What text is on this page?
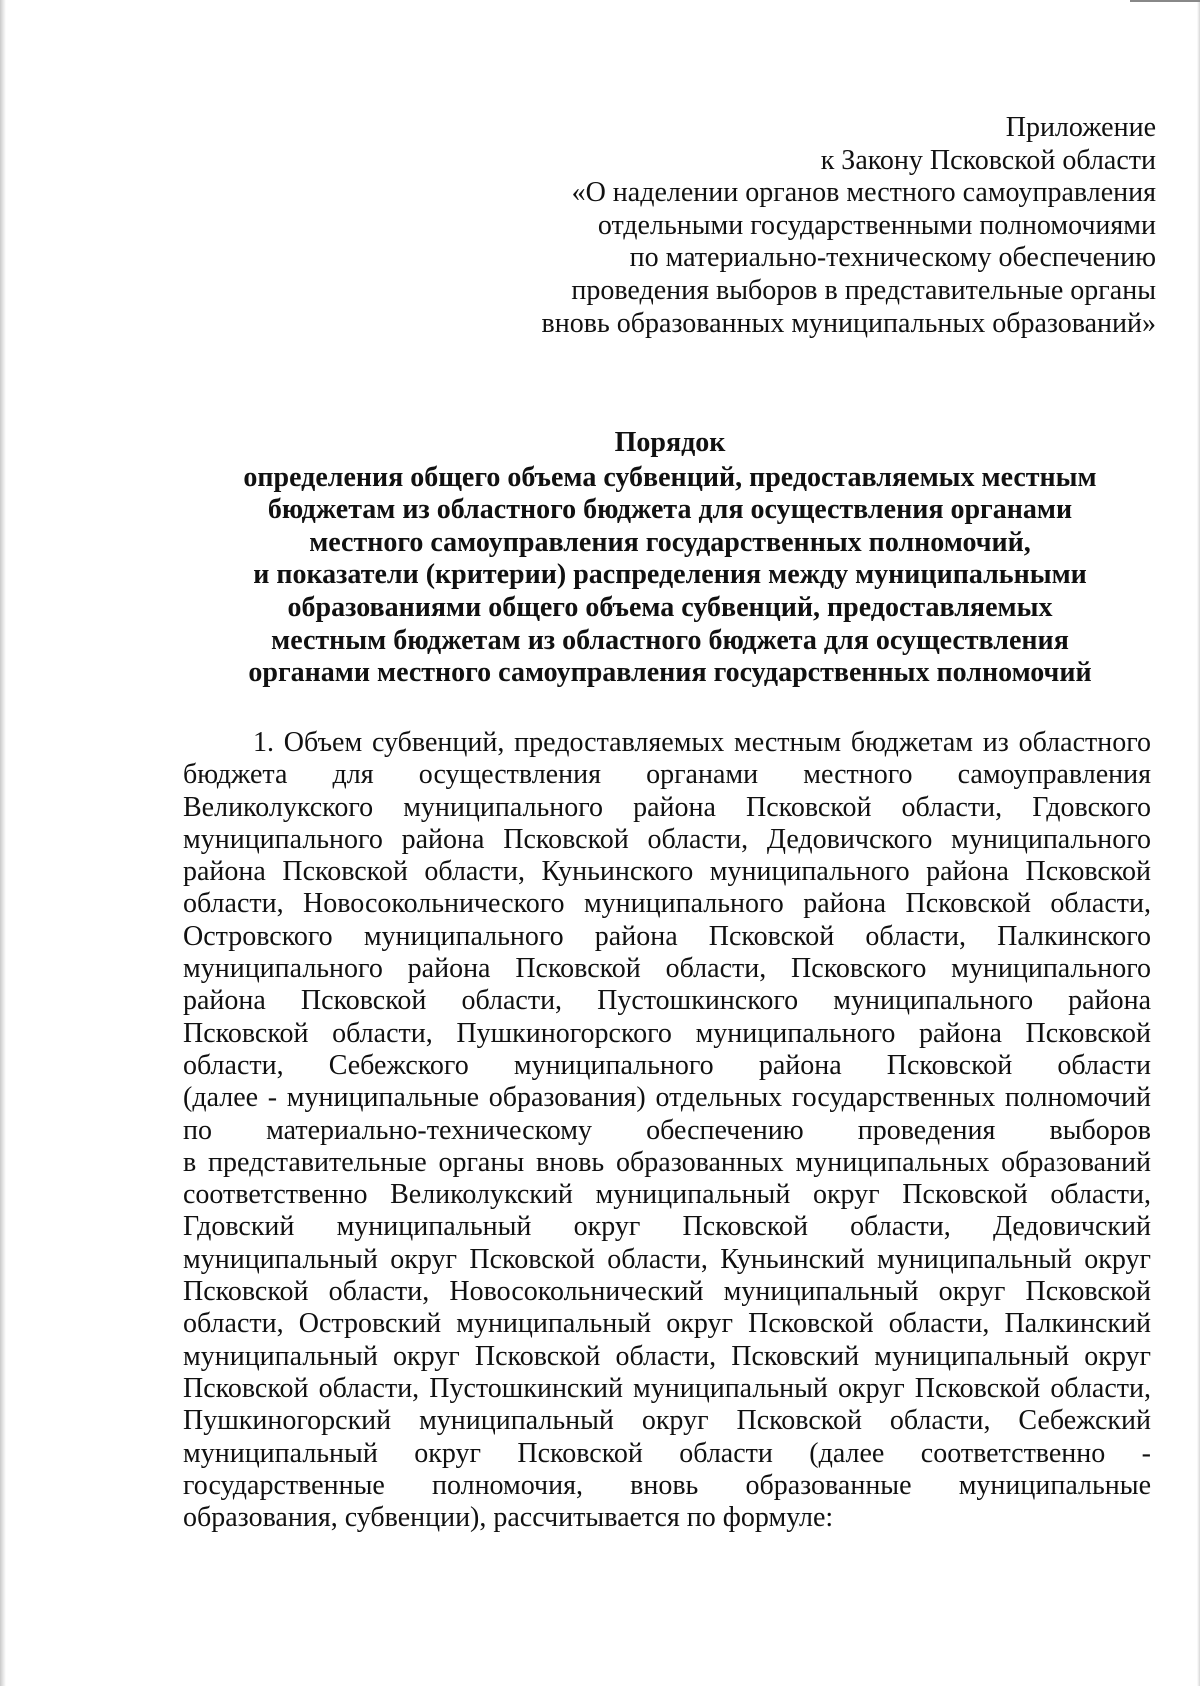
Приложение
к Закону Псковской области
«О наделении органов местного самоуправления
отдельными государственными полномочиями
по материально-техническому обеспечению
проведения выборов в представительные органы
вновь образованных муниципальных образований»
Порядок
определения общего объема субвенций, предоставляемых местным
бюджетам из областного бюджета для осуществления органами
местного самоуправления государственных полномочий,
и показатели (критерии) распределения между муниципальными
образованиями общего объема субвенций, предоставляемых
местным бюджетам из областного бюджета для осуществления
органами местного самоуправления государственных полномочий
1. Объем субвенций, предоставляемых местным бюджетам из областного
бюджета для осуществления органами местного самоуправления
Великолукского муниципального района Псковской области, Гдовского
муниципального района Псковской области, Дедовичского муниципального
района Псковской области, Куньинского муниципального района Псковской
области, Новосокольнического муниципального района Псковской области,
Островского муниципального района Псковской области, Палкинского
муниципального района Псковской области, Псковского муниципального
района Псковской области, Пустошкинского муниципального района
Псковской области, Пушкиногорского муниципального района Псковской
области, Себежского муниципального района Псковской области
(далее - муниципальные образования) отдельных государственных полномочий
по материально-техническому обеспечению проведения выборов
в представительные органы вновь образованных муниципальных образований
соответственно Великолукский муниципальный округ Псковской области,
Гдовский муниципальный округ Псковской области, Дедовичский
муниципальный округ Псковской области, Куньинский муниципальный округ
Псковской области, Новосокольнический муниципальный округ Псковской
области, Островский муниципальный округ Псковской области, Палкинский
муниципальный округ Псковской области, Псковский муниципальный округ
Псковской области, Пустошкинский муниципальный округ Псковской области,
Пушкиногорский муниципальный округ Псковской области, Себежский
муниципальный округ Псковской области (далее соответственно -
государственные полномочия, вновь образованные муниципальные
образования, субвенции), рассчитывается по формуле:
